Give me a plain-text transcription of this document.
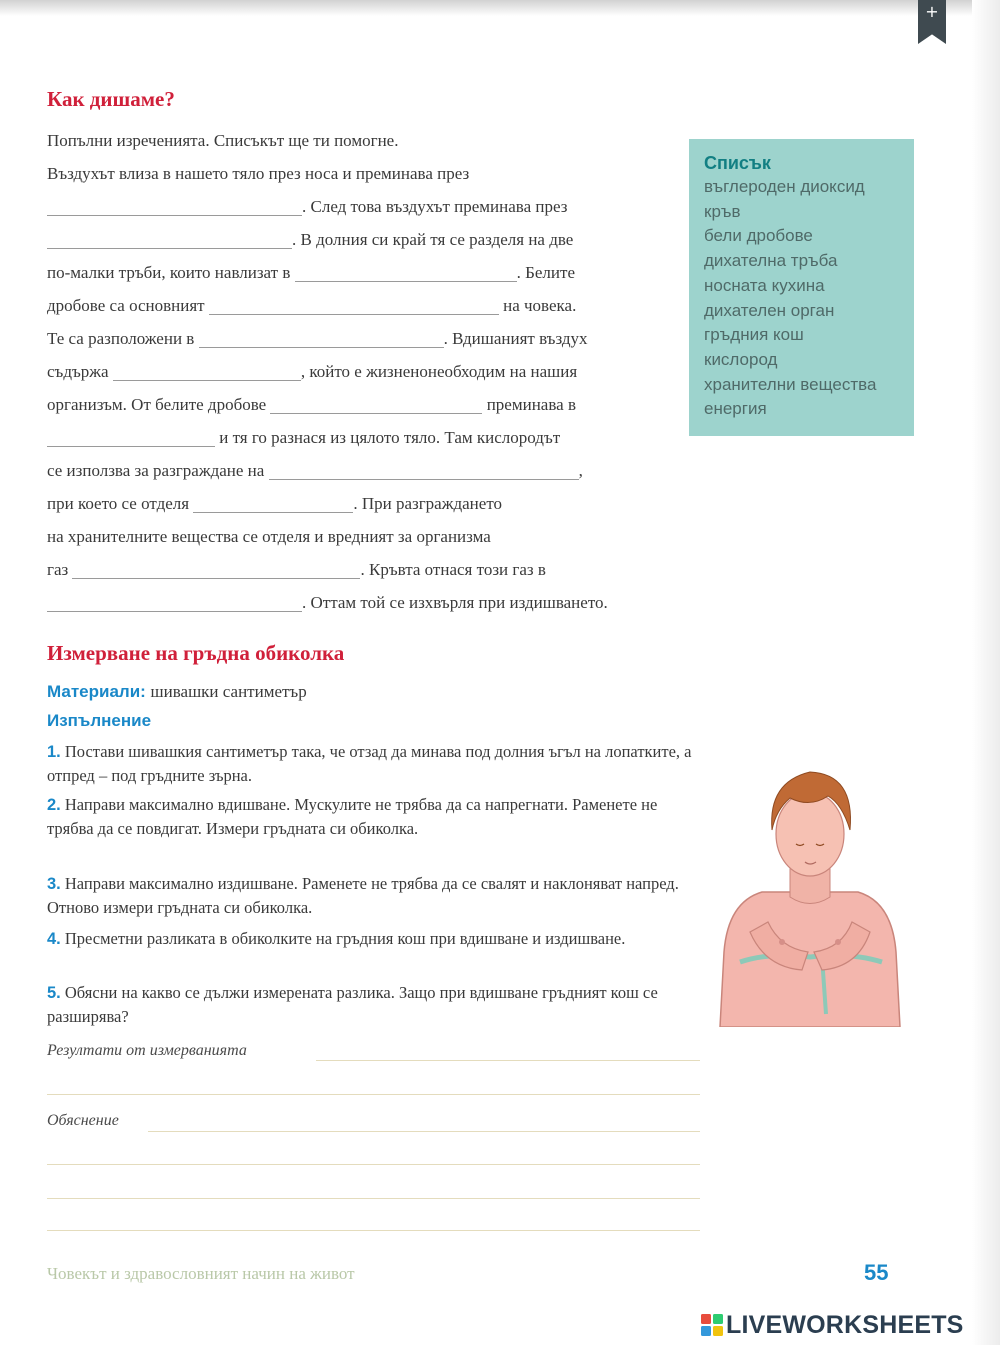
+
Как дишаме?
Попълни изреченията. Списъкът ще ти помогне.
Въздухът влиза в нашето тяло през носа и преминава през
. След това въздухът преминава през
. В долния си край тя се разделя на две
по-малки тръби, които навлизат в	. Белите
дробове са основният	на човека.
Те са разположени в	. Вдишаният въздух
съдържа	, който е жизненонеобходим на нашия
организъм. От белите дробове	преминава в
и тя го разнася из цялото тяло. Там кислородът
се използва за разграждане на	,
при което се отделя	. При разграждането
на хранителните вещества се отделя и вредният за организма
газ	. Кръвта отнася този газ в
. Оттам той се изхвърля при издишването.
Списък
въглероден диоксид
кръв
бели дробове
дихателна тръба
носната кухина
дихателен орган
гръдния кош
кислород
хранителни вещества
енергия
Измерване на гръдна обиколка
Материали: шивашки сантиметър
Изпълнение
1. Постави шивашкия сантиметър така, че отзад да минава под долния ъгъл на лопатките, а отпред – под гръдните зърна.
2. Направи максимално вдишване. Мускулите не трябва да са напрегнати. Раменете не трябва да се повдигат. Измери гръдната си обиколка.
3. Направи максимално издишване. Раменете не трябва да се свалят и наклоняват напред. Отново измери гръдната си обиколка.
4. Пресметни разликата в обиколките на гръдния кош при вдишване и издишване.
5. Обясни на какво се дължи измерената разлика. Защо при вдишване гръдният кош се разширява?
Резултати от измерванията
Обяснение
Човекът и здравословният начин на живот	55
LIVEWORKSHEETS
